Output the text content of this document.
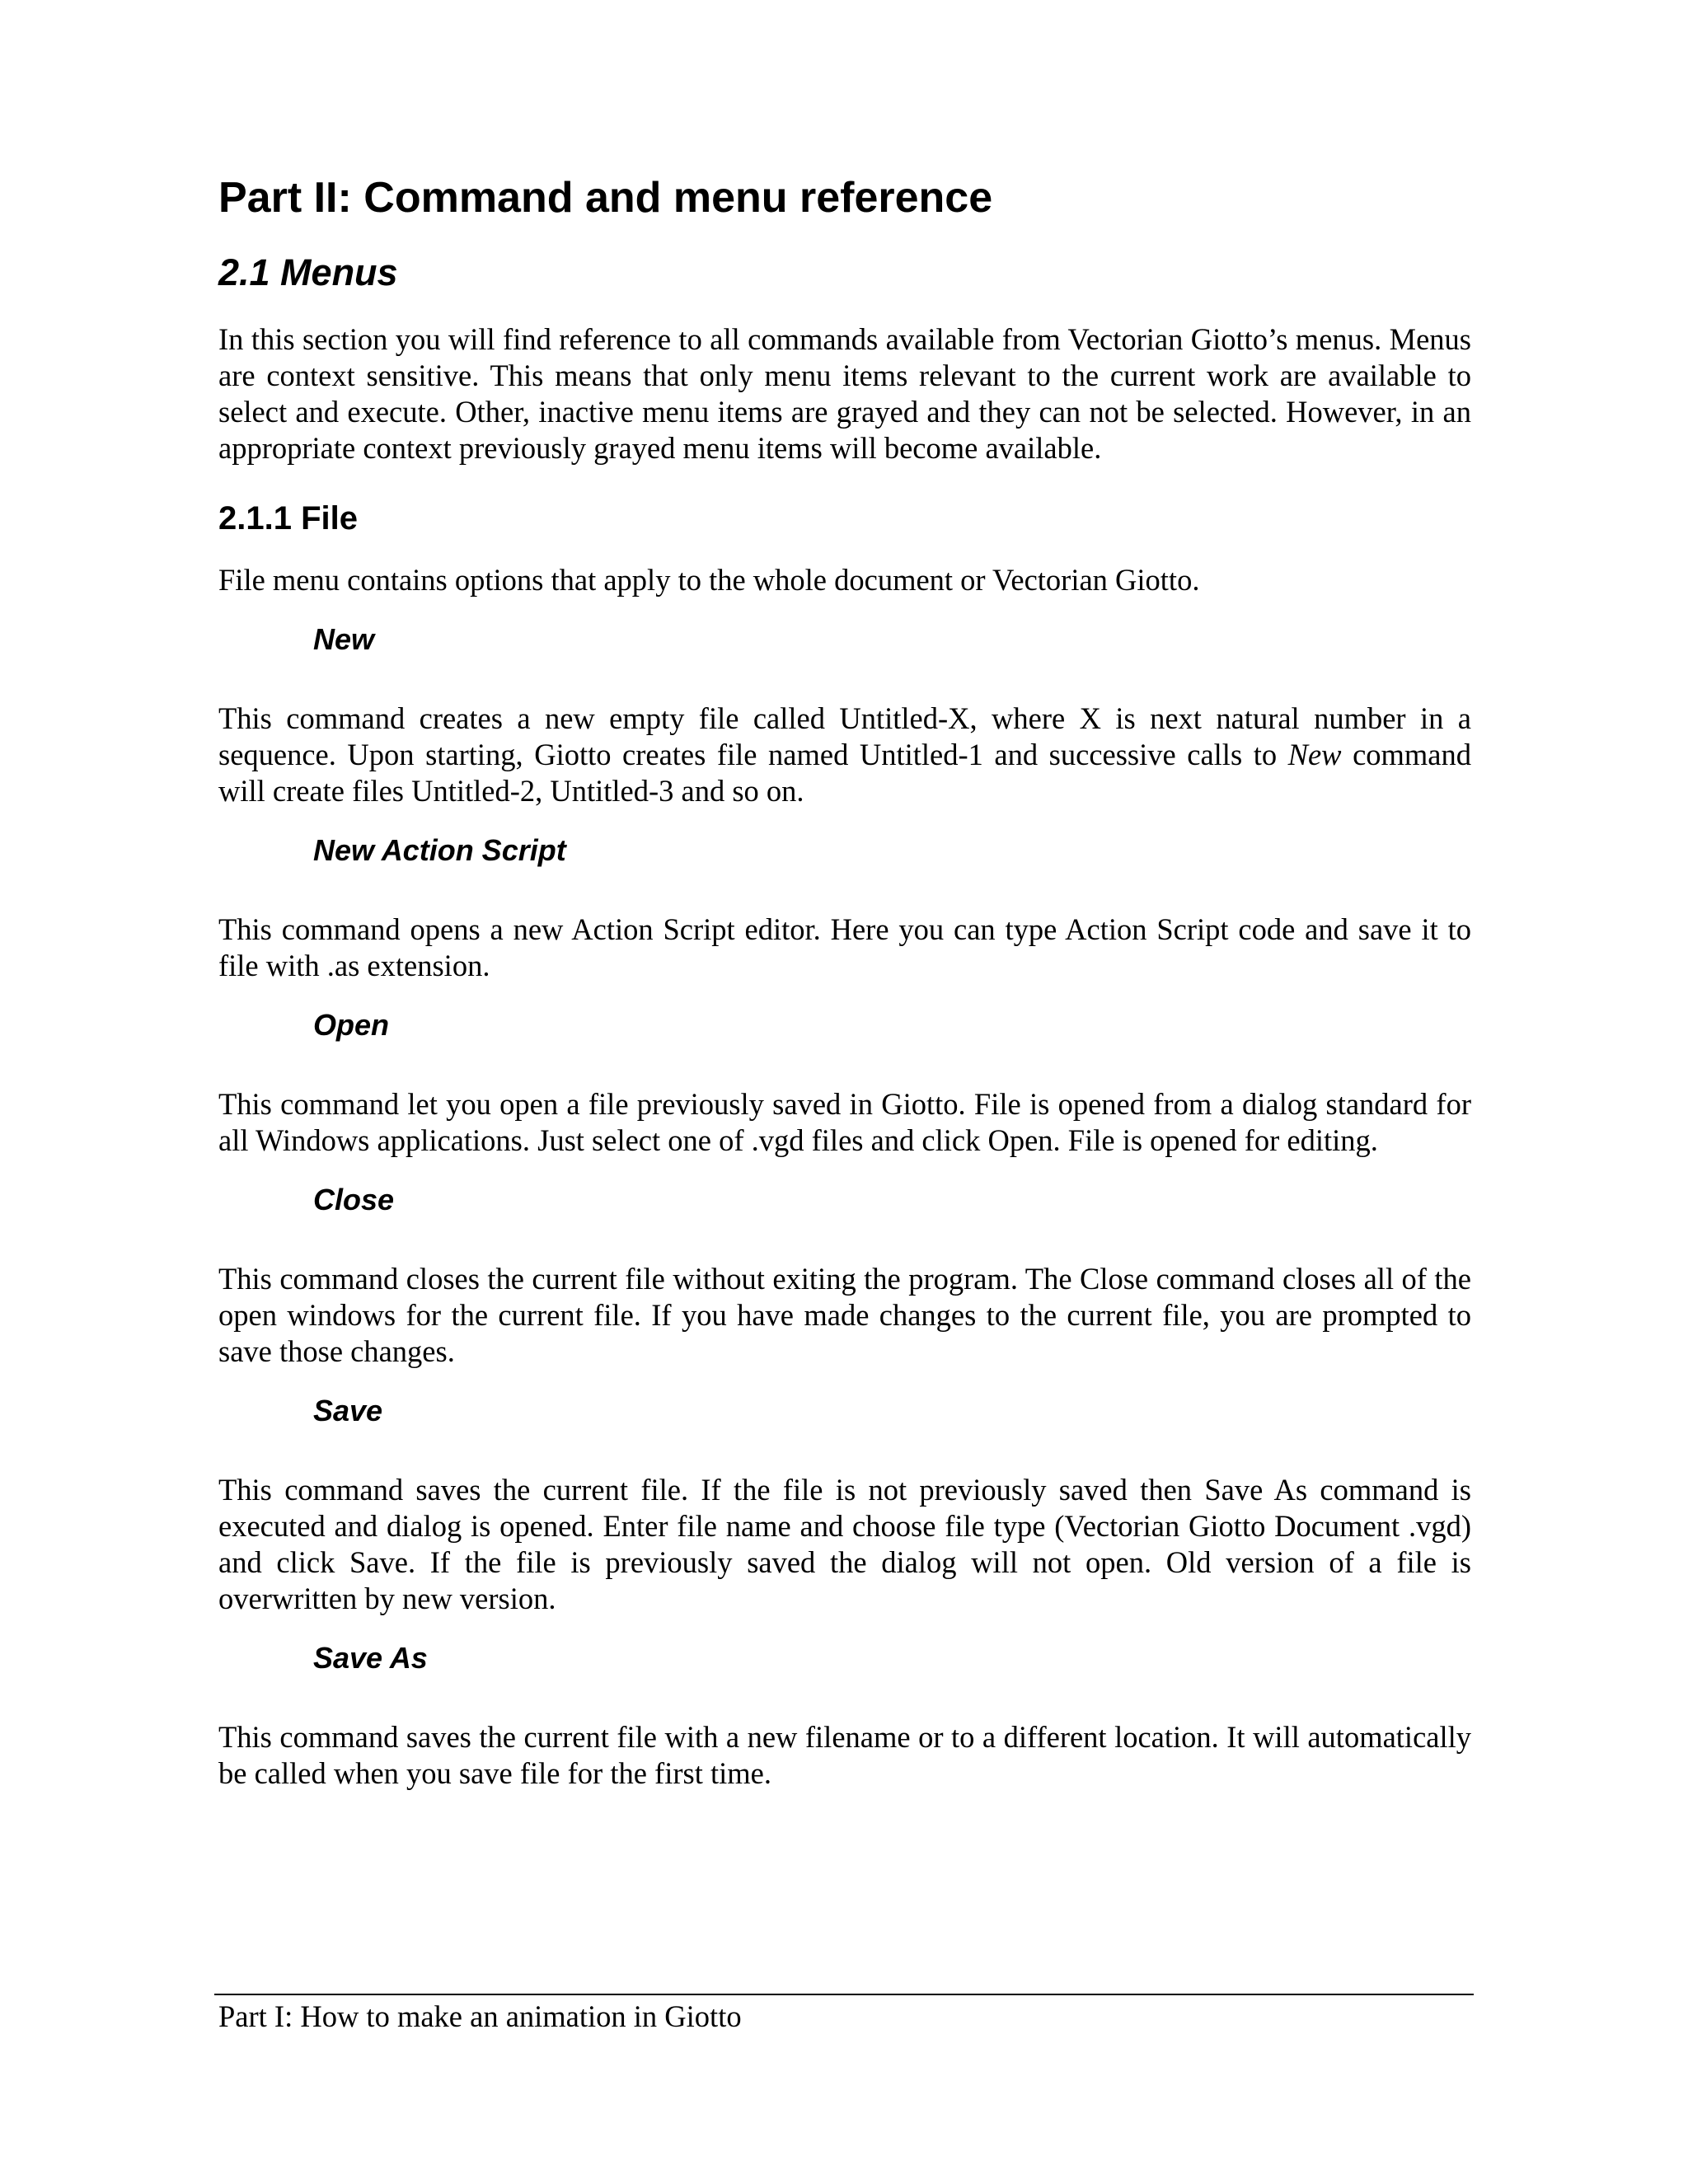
Part II: Command and menu reference
2.1 Menus

In this section you will find reference to all commands available from Vectorian Giotto’s menus. Menus are context sensitive. This means that only menu items relevant to the current work are available to select and execute. Other, inactive menu items are grayed and they can not be selected. However, in an appropriate context previously grayed menu items will become available.

2.1.1 File

File menu contains options that apply to the whole document or Vectorian Giotto.

New

This command creates a new empty file called Untitled-X, where X is next natural number in a sequence. Upon starting, Giotto creates file named Untitled-1 and successive calls to New command will create files Untitled-2, Untitled-3 and so on.

New Action Script

This command opens a new Action Script editor. Here you can type Action Script code and save it to file with .as extension.

Open

This command let you open a file previously saved in Giotto. File is opened from a dialog standard for all Windows applications. Just select one of .vgd files and click Open. File is opened for editing.

Close

This command closes the current file without exiting the program. The Close command closes all of the open windows for the current file. If you have made changes to the current file, you are prompted to save those changes.

Save

This command saves the current file. If the file is not previously saved then Save As command is executed and dialog is opened. Enter file name and choose file type (Vectorian Giotto Document .vgd) and click Save. If the file is previously saved the dialog will not open. Old version of a file is overwritten by new version.

Save As

This command saves the current file with a new filename or to a different location. It will automatically be called when you save file for the first time.

Part I: How to make an animation in Giotto
